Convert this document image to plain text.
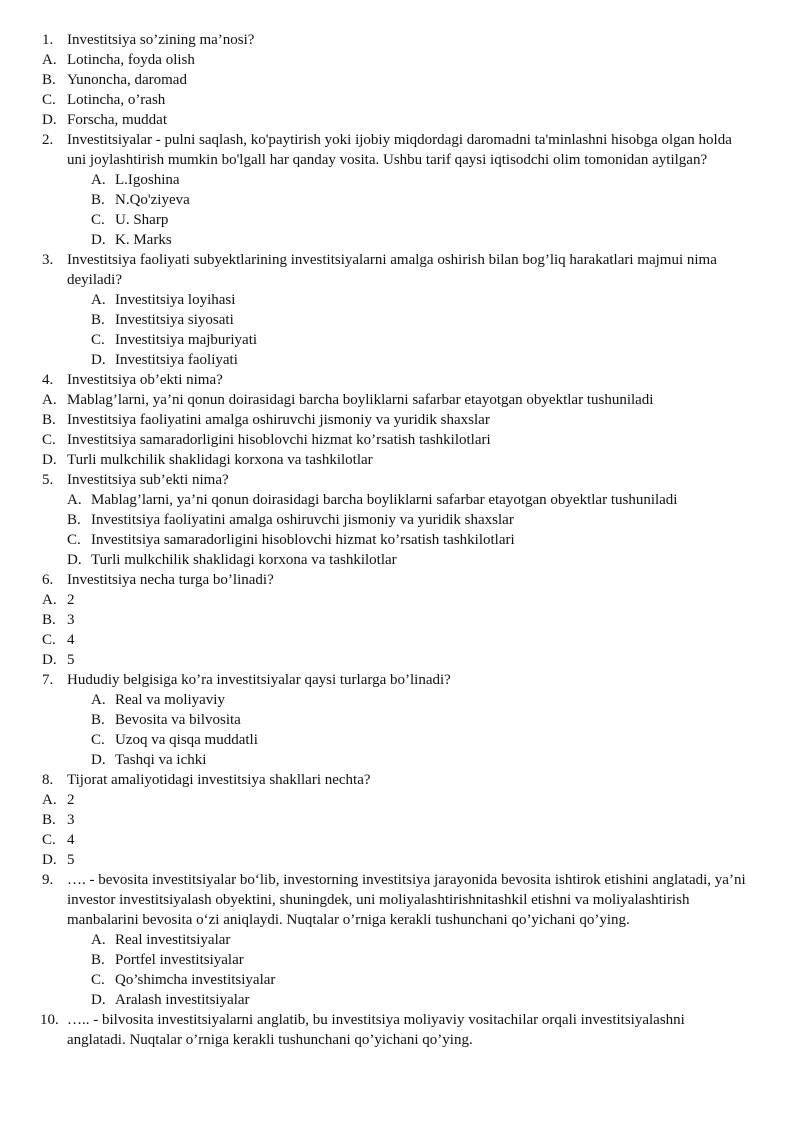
1. Investitsiya so’zining ma’nosi?
A. Lotincha, foyda olish
B. Yunoncha, daromad
C. Lotincha, o’rash
D. Forscha, muddat
2. Investitsiyalar - pulni saqlash, ko'paytirish yoki ijobiy miqdordagi daromadni ta'minlashni hisobga olgan holda uni joylashtirish mumkin bo'lgall har qanday vosita. Ushbu tarif qaysi iqtisodchi olim tomonidan aytilgan?
A. L.Igoshina
B. N.Qo'ziyeva
C. U. Sharp
D. K. Marks
3. Investitsiya faoliyati subyektlarining investitsiyalarni amalga oshirish bilan bog’liq harakatlari majmui nima deyiladi?
A. Investitsiya loyihasi
B. Investitsiya siyosati
C. Investitsiya majburiyati
D. Investitsiya faoliyati
4. Investitsiya ob’ekti nima?
A. Mablag’larni, ya’ni qonun doirasidagi barcha boyliklarni safarbar etayotgan obyektlar tushuniladi
B. Investitsiya faoliyatini amalga oshiruvchi jismoniy va yuridik shaxslar
C. Investitsiya samaradorligini hisoblovchi hizmat ko’rsatish tashkilotlari
D. Turli mulkchilik shaklidagi korxona va tashkilotlar
5. Investitsiya sub’ekti nima?
A. Mablag’larni, ya’ni qonun doirasidagi barcha boyliklarni safarbar etayotgan obyektlar tushuniladi
B. Investitsiya faoliyatini amalga oshiruvchi jismoniy va yuridik shaxslar
C. Investitsiya samaradorligini hisoblovchi hizmat ko’rsatish tashkilotlari
D. Turli mulkchilik shaklidagi korxona va tashkilotlar
6. Investitsiya necha turga bo’linadi?
A. 2
B. 3
C. 4
D. 5
7. Hududiy belgisiga ko’ra investitsiyalar qaysi turlarga bo’linadi?
A. Real va moliyaviy
B. Bevosita va bilvosita
C. Uzoq va qisqa muddatli
D. Tashqi va ichki
8. Tijorat amaliyotidagi investitsiya shakllari nechta?
A. 2
B. 3
C. 4
D. 5
9. …. - bevosita investitsiyalar bo‘lib, investorning investitsiya jarayonida bevosita ishtirok etishini anglatadi, ya’ni investor investitsiyalash obyektini, shuningdek, uni moliyalashtirishnitashkil etishni va moliyalashtirish manbalarini bevosita o‘zi aniqlaydi. Nuqtalar o’rniga kerakli tushunchani qo’yichani qo’ying.
A. Real investitsiyalar
B. Portfel investitsiyalar
C. Qo’shimcha investitsiyalar
D. Aralash investitsiyalar
10. ….. - bilvosita investitsiyalarni anglatib, bu investitsiya moliyaviy vositachilar orqali investitsiyalashni anglatadi. Nuqtalar o’rniga kerakli tushunchani qo’yichani qo’ying.
